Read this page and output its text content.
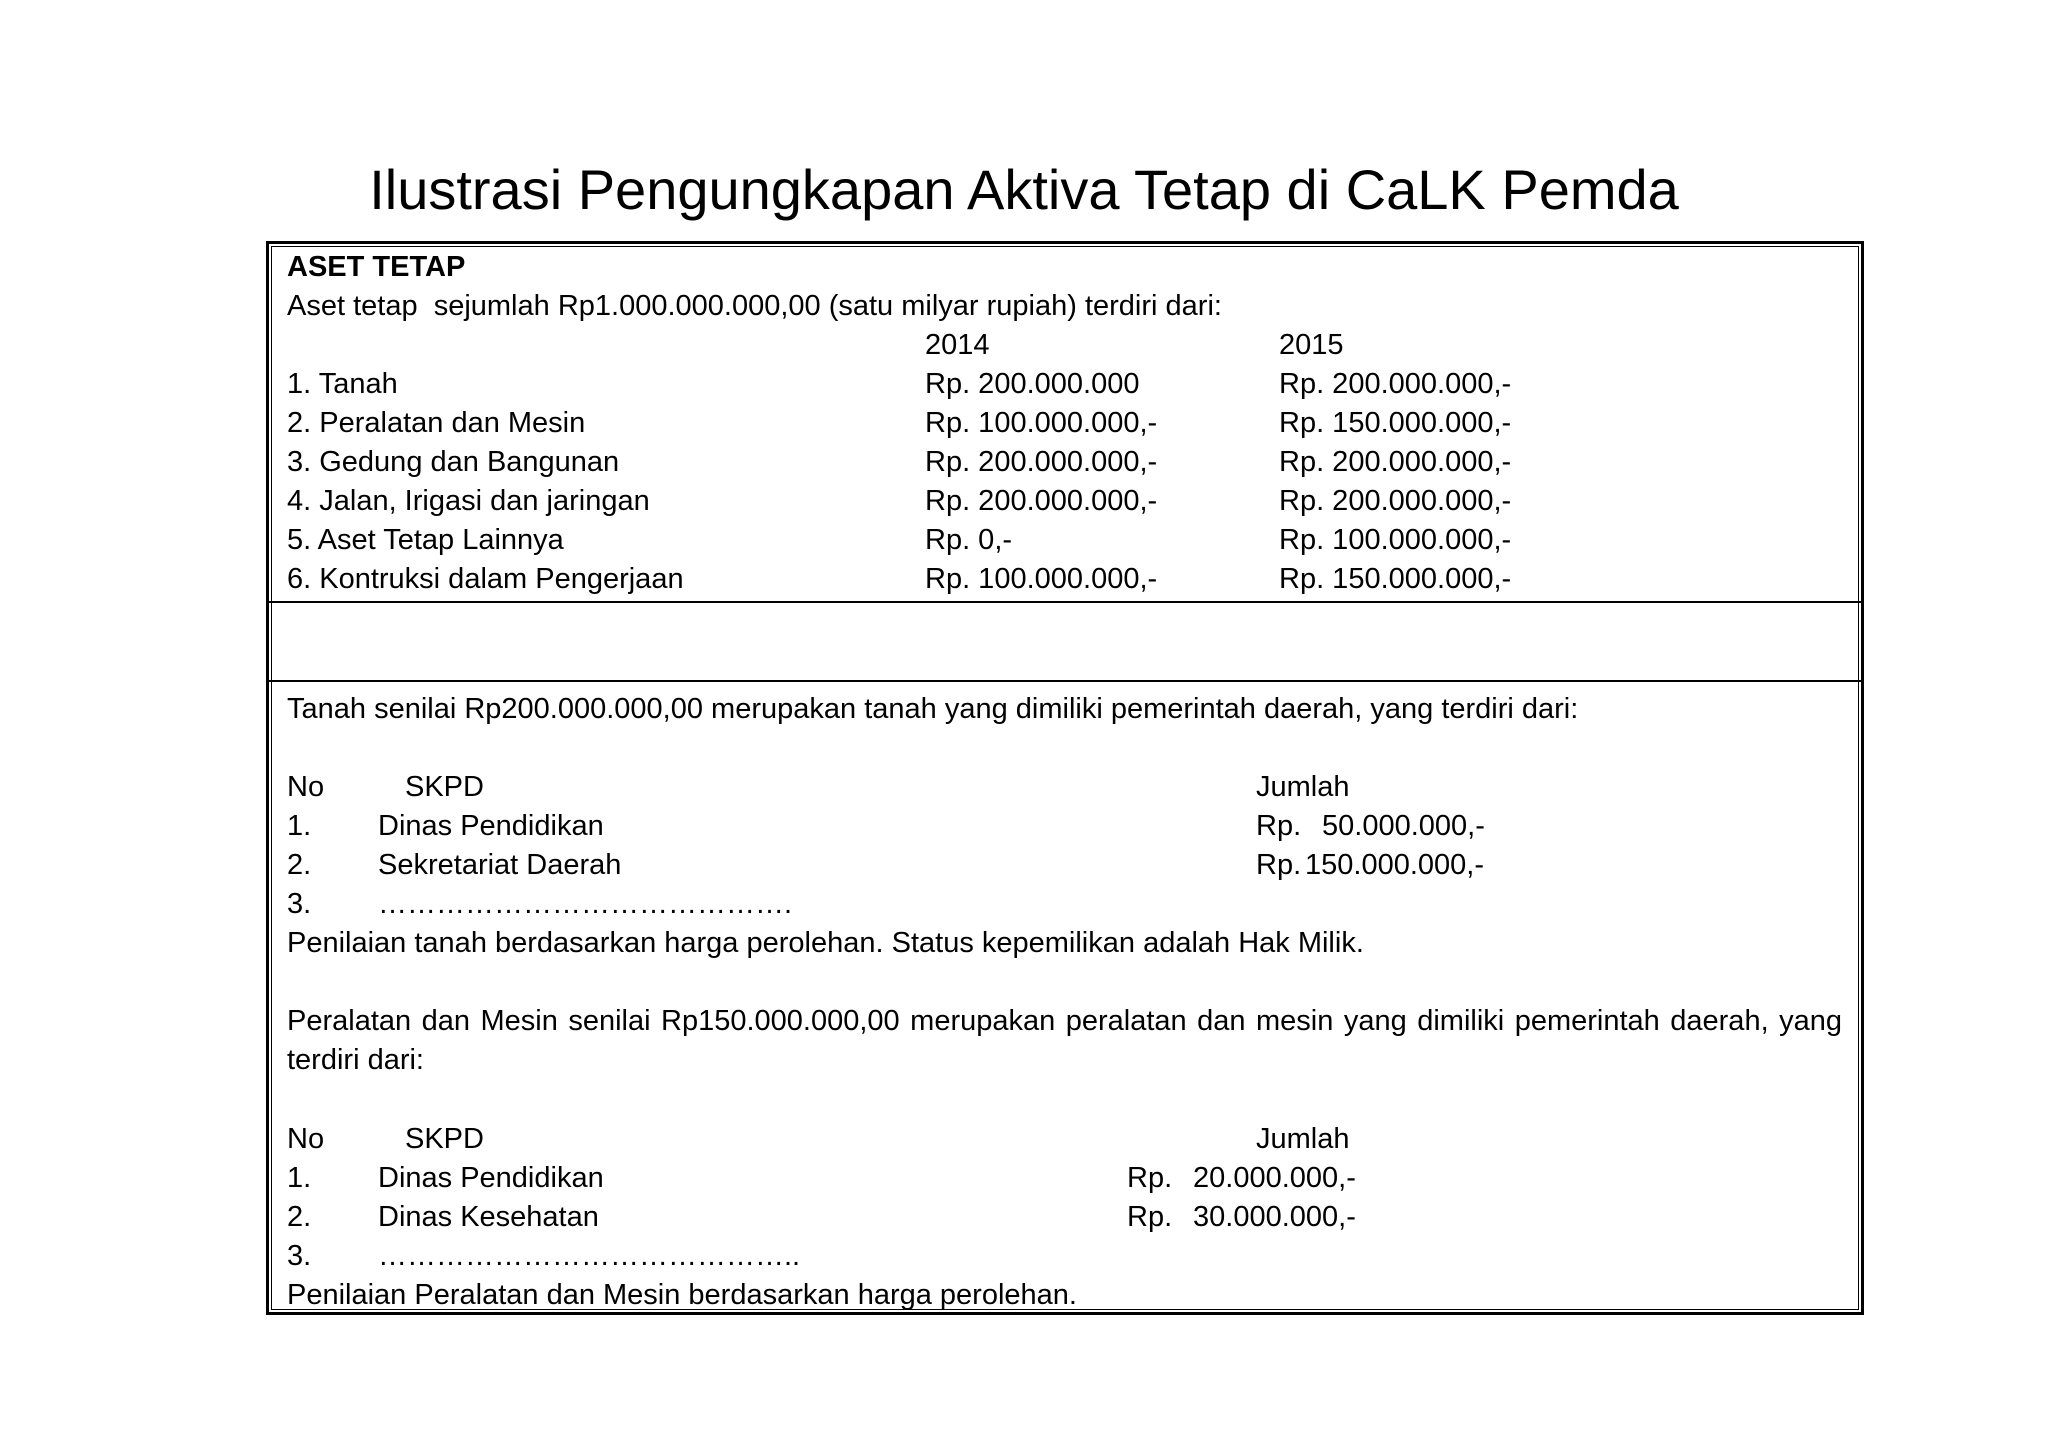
Ilustrasi Pengungkapan Aktiva Tetap di CaLK Pemda
ASET TETAP
Aset tetap  sejumlah Rp1.000.000.000,00 (satu milyar rupiah) terdiri dari:
2014	2015
1. Tanah	Rp. 200.000.000	Rp. 200.000.000,-
2. Peralatan dan Mesin	Rp. 100.000.000,-	Rp. 150.000.000,-
3. Gedung dan Bangunan	Rp. 200.000.000,-	Rp. 200.000.000,-
4. Jalan, Irigasi dan jaringan	Rp. 200.000.000,-	Rp. 200.000.000,-
5. Aset Tetap Lainnya	Rp. 0,-	Rp. 100.000.000,-
6. Kontruksi dalam Pengerjaan	Rp. 100.000.000,-	Rp. 150.000.000,-
Tanah senilai Rp200.000.000,00 merupakan tanah yang dimiliki pemerintah daerah, yang terdiri dari:
No	SKPD	Jumlah
1. Dinas Pendidikan	Rp. 50.000.000,-
2. Sekretariat Daerah	Rp. 150.000.000,-
3. …………………………………….
Penilaian tanah berdasarkan harga perolehan. Status kepemilikan adalah Hak Milik.
Peralatan dan Mesin senilai Rp150.000.000,00 merupakan peralatan dan mesin yang dimiliki pemerintah daerah, yang terdiri dari:
No	SKPD	Jumlah
1. Dinas Pendidikan	Rp. 20.000.000,-
2. Dinas Kesehatan	Rp. 30.000.000,-
3. ……………………………………..
Penilaian Peralatan dan Mesin berdasarkan harga perolehan.
